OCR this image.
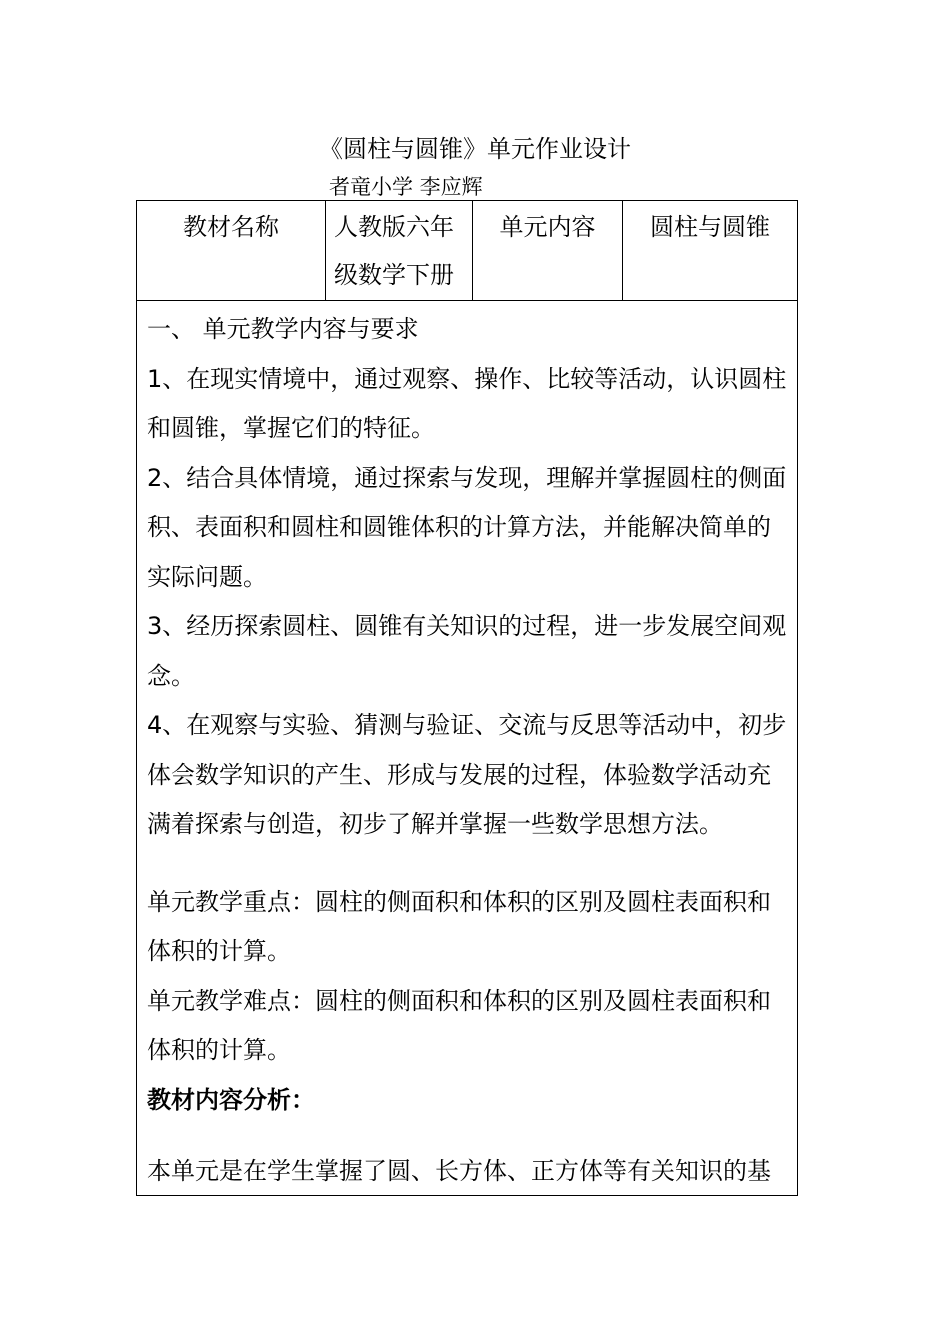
《圆柱与圆锥》单元作业设计
者竜小学 李应辉
教材名称	人教版六年级数学下册
单元内容	圆柱与圆锥

一、 单元教学内容与要求

1、在现实情境中，通过观察、操作、比较等活动，认识圆柱和圆锥，掌握它们的特征。

2、结合具体情境，通过探索与发现，理解并掌握圆柱的侧面积、表面积和圆柱和圆锥体积的计算方法，并能解决简单的实际问题。

3、经历探索圆柱、圆锥有关知识的过程，进一步发展空间观念。

4、在观察与实验、猜测与验证、交流与反思等活动中，初步体会数学知识的产生、形成与发展的过程，体验数学活动充满着探索与创造，初步了解并掌握一些数学思想方法。

单元教学重点：圆柱的侧面积和体积的区别及圆柱表面积和体积的计算。

单元教学难点：圆柱的侧面积和体积的区别及圆柱表面积和体积的计算。

教材内容分析：

本单元是在学生掌握了圆、长方体、正方体等有关知识的基
